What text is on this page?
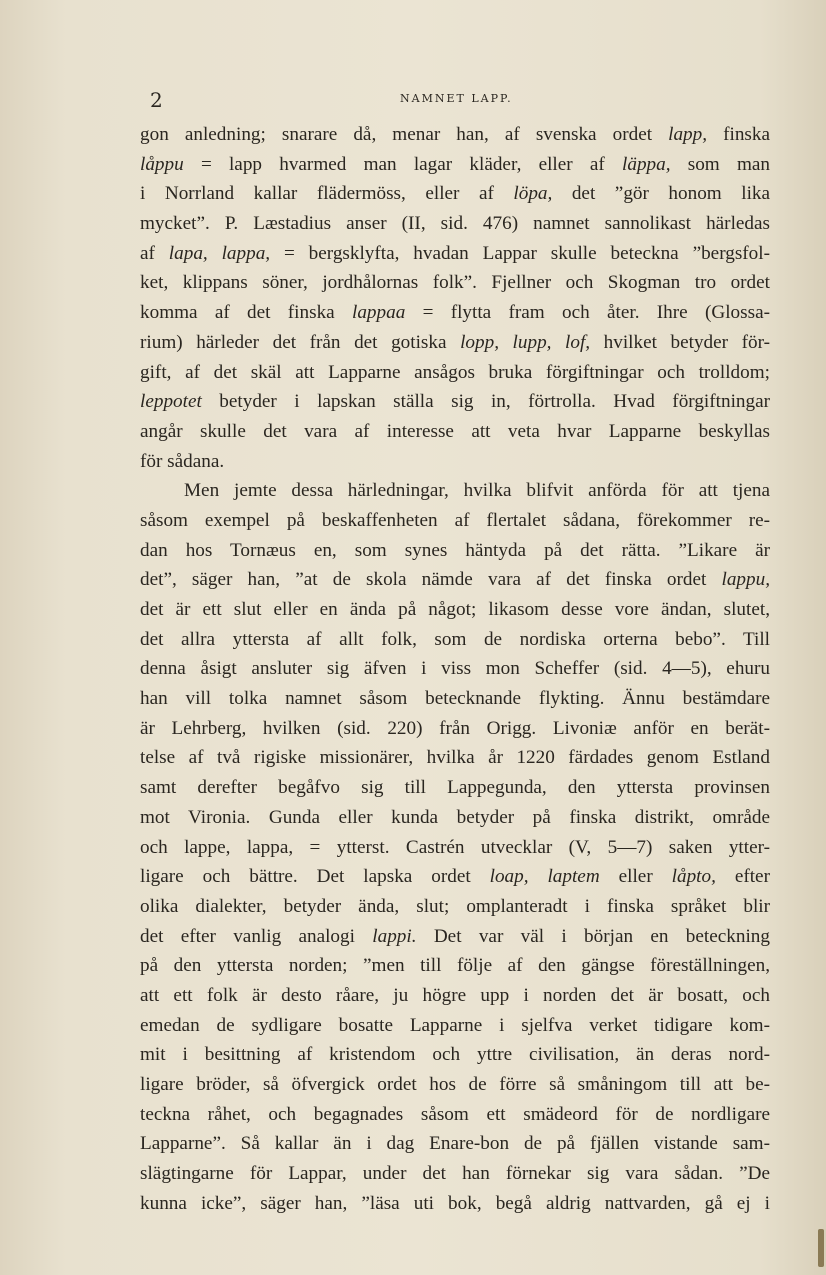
2	NAMNET LAPP.
gon anledning; snarare då, menar han, af svenska ordet lapp, finska
låppu = lapp hvarmed man lagar kläder, eller af läppa, som man
i Norrland kallar flädermöss, eller af löpa, det ”gör honom lika
mycket”. P. Læstadius anser (II, sid. 476) namnet sannolikast härledas
af lapa, lappa, = bergsklyfta, hvadan Lappar skulle beteckna ”bergsfol-
ket, klippans söner, jordhålornas folk”. Fjellner och Skogman tro ordet
komma af det finska lappaa = flytta fram och åter. Ihre (Glossa-
rium) härleder det från det gotiska lopp, lupp, lof, hvilket betyder för-
gift, af det skäl att Lapparne ansågos bruka förgiftningar och trolldom;
leppotet betyder i lapskan ställa sig in, förtrolla. Hvad förgiftningar
angår skulle det vara af interesse att veta hvar Lapparne beskyllas
för sådana.
Men jemte dessa härledningar, hvilka blifvit anförda för att tjena
såsom exempel på beskaffenheten af flertalet sådana, förekommer re-
dan hos Tornæus en, som synes häntyda på det rätta. ”Likare är
det”, säger han, ”at de skola nämde vara af det finska ordet lappu,
det är ett slut eller en ända på något; likasom desse vore ändan, slutet,
det allra yttersta af allt folk, som de nordiska orterna bebo”. Till
denna åsigt ansluter sig äfven i viss mon Scheffer (sid. 4—5), ehuru
han vill tolka namnet såsom betecknande flykting. Ännu bestämdare
är Lehrberg, hvilken (sid. 220) från Origg. Livoniæ anför en berät-
telse af två rigiske missionärer, hvilka år 1220 färdades genom Estland
samt derefter begåfvo sig till Lappegunda, den yttersta provinsen
mot Vironia. Gunda eller kunda betyder på finska distrikt, område
och lappe, lappa, = ytterst. Castrén utvecklar (V, 5—7) saken ytter-
ligare och bättre. Det lapska ordet loap, laptem eller låpto, efter
olika dialekter, betyder ända, slut; omplanteradt i finska språket blir
det efter vanlig analogi lappi. Det var väl i början en beteckning
på den yttersta norden; ”men till följe af den gängse föreställningen,
att ett folk är desto råare, ju högre upp i norden det är bosatt, och
emedan de sydligare bosatte Lapparne i sjelfva verket tidigare kom-
mit i besittning af kristendom och yttre civilisation, än deras nord-
ligare bröder, så öfvergick ordet hos de förre så småningom till att be-
teckna råhet, och begagnades såsom ett smädeord för de nordligare
Lapparne”. Så kallar än i dag Enare-bon de på fjällen vistande sam-
slägtingarne för Lappar, under det han förnekar sig vara sådan. ”De
kunna icke”, säger han, ”läsa uti bok, begå aldrig nattvarden, gå ej i
